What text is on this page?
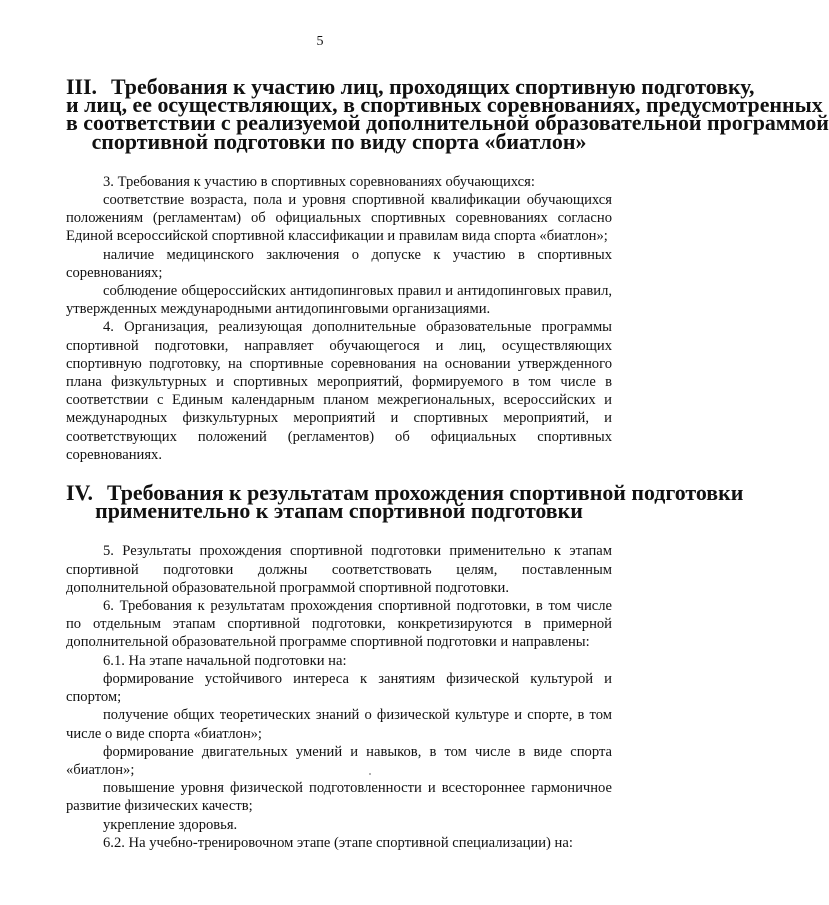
5
III. Требования к участию лиц, проходящих спортивную подготовку,
и лиц, ее осуществляющих, в спортивных соревнованиях, предусмотренных
в соответствии с реализуемой дополнительной образовательной программой
спортивной подготовки по виду спорта «биатлон»

3. Требования к участию в спортивных соревнованиях обучающихся:

соответствие возраста, пола и уровня спортивной квалификации обучающихся положениям (регламентам) об официальных спортивных соревнованиях согласно Единой всероссийской спортивной классификации и правилам вида спорта «биатлон»;

наличие медицинского заключения о допуске к участию в спортивных соревнованиях;

соблюдение общероссийских антидопинговых правил и антидопинговых правил, утвержденных международными антидопинговыми организациями.

4. Организация, реализующая дополнительные образовательные программы спортивной подготовки, направляет обучающегося и лиц, осуществляющих спортивную подготовку, на спортивные соревнования на основании утвержденного плана физкультурных и спортивных мероприятий, формируемого в том числе в соответствии с Единым календарным планом межрегиональных, всероссийских и международных физкультурных мероприятий и спортивных мероприятий, и соответствующих положений (регламентов) об официальных спортивных соревнованиях.

IV. Требования к результатам прохождения спортивной подготовки
применительно к этапам спортивной подготовки

5. Результаты прохождения спортивной подготовки применительно к этапам спортивной подготовки должны соответствовать целям, поставленным дополнительной образовательной программой спортивной подготовки.

6. Требования к результатам прохождения спортивной подготовки, в том числе по отдельным этапам спортивной подготовки, конкретизируются в примерной дополнительной образовательной программе спортивной подготовки и направлены:

6.1. На этапе начальной подготовки на:

формирование устойчивого интереса к занятиям физической культурой и спортом;

получение общих теоретических знаний о физической культуре и спорте, в том числе о виде спорта «биатлон»;

формирование двигательных умений и навыков, в том числе в виде спорта «биатлон»;

повышение уровня физической подготовленности и всестороннее гармоничное развитие физических качеств;

укрепление здоровья.

6.2. На учебно-тренировочном этапе (этапе спортивной специализации) на:
